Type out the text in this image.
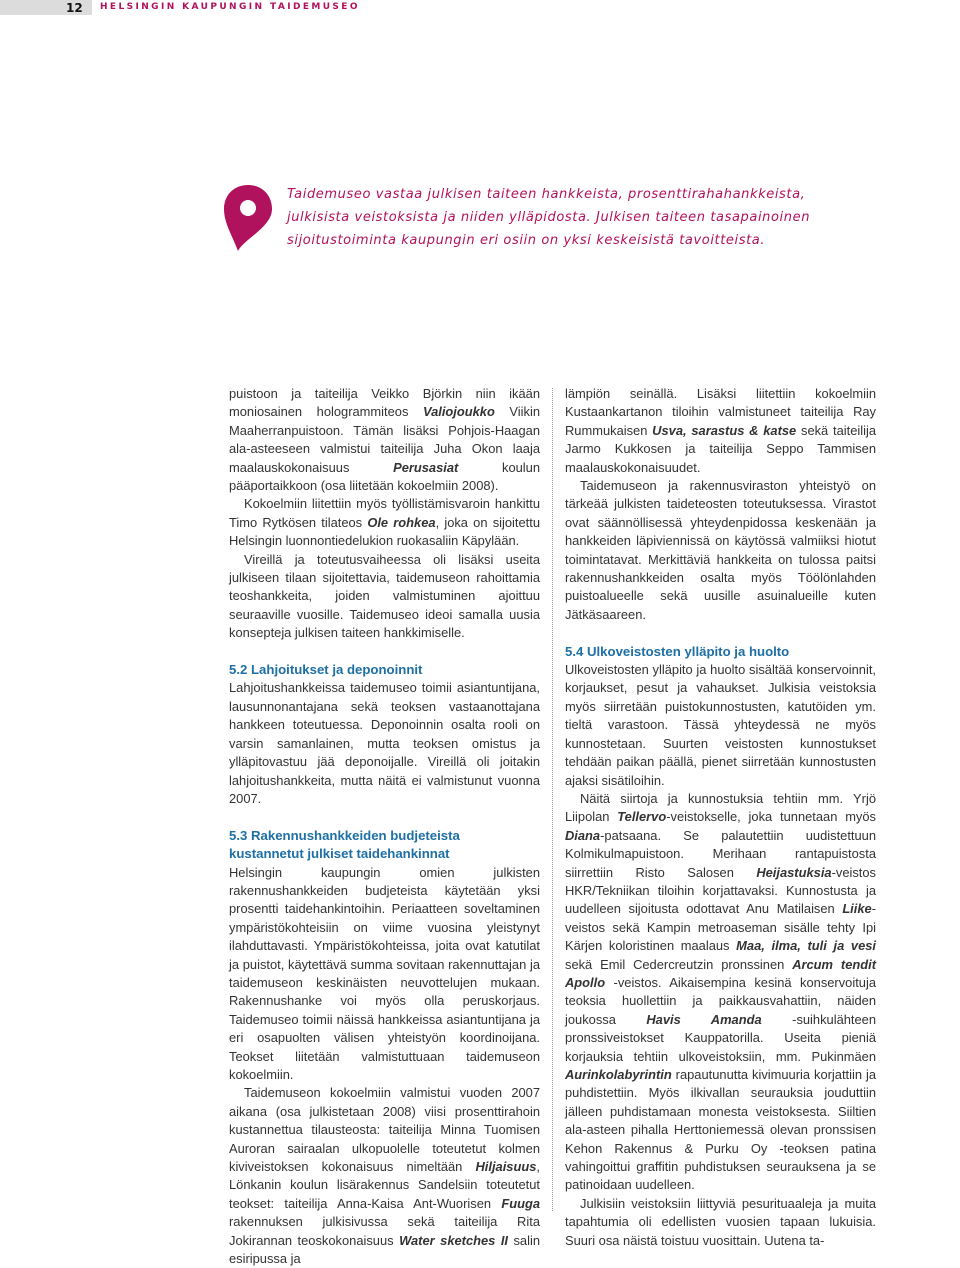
12 HELSINGIN KAUPUNGIN TAIDEMUSEO

Taidemuseo vastaa julkisen taiteen hankkeista, prosenttirahahankkeista, julkisista veistoksista ja niiden ylläpidosta. Julkisen taiteen tasapainoinen sijoitustoiminta kaupungin eri osiin on yksi keskeisistä tavoitteista.

puistoon ja taiteilija Veikko Björkin niin ikään moniosainen hologrammiteos Valiojoukko Viikin Maaherranpuistoon. Tämän lisäksi Pohjois-Haagan ala-asteeseen valmistui taiteilija Juha Okon laaja maalauskokonaisuus Perusasiat koulun pääportaikkoon (osa liitetään kokoelmiin 2008).

Kokoelmiin liitettiin myös työllistämisvaroin hankittu Timo Rytkösen tilateos Ole rohkea, joka on sijoitettu Helsingin luonnontiedelukion ruokasaliin Käpylään.

Vireillä ja toteutusvaiheessa oli lisäksi useita julkiseen tilaan sijoitettavia, taidemuseon rahoittamia teoshankkeita, joiden valmistuminen ajoittuu seuraaville vuosille. Taidemuseo ideoi samalla uusia konsepteja julkisen taiteen hankkimiselle.

5.2 Lahjoitukset ja deponoinnit

Lahjoitushankkeissa taidemuseo toimii asiantuntijana, lausunnonantajana sekä teoksen vastaanottajana hankkeen toteutuessa. Deponoinnin osalta rooli on varsin samanlainen, mutta teoksen omistus ja ylläpitovastuu jää deponoijalle. Vireillä oli joitakin lahjoitushankkeita, mutta näitä ei valmistunut vuonna 2007.

5.3 Rakennushankkeiden budjeteista
kustannetut julkiset taidehankinnat

Helsingin kaupungin omien julkisten rakennushankkeiden budjeteista käytetään yksi prosentti taidehankintoihin. Periaatteen soveltaminen ympäristökohteisiin on viime vuosina yleistynyt ilahduttavasti. Ympäristökohteissa, joita ovat katutilat ja puistot, käytettävä summa sovitaan rakennuttajan ja taidemuseon keskinäisten neuvottelujen mukaan. Rakennushanke voi myös olla peruskorjaus. Taidemuseo toimii näissä hankkeissa asiantuntijana ja eri osapuolten välisen yhteistyön koordinoijana. Teokset liitetään valmistuttuaan taidemuseon kokoelmiin.

Taidemuseon kokoelmiin valmistui vuoden 2007 aikana (osa julkistetaan 2008) viisi prosenttirahoin kustannettua tilausteosta: taiteilija Minna Tuomisen Auroran sairaalan ulkopuolelle toteutetut kolmen kiviveistoksen kokonaisuus nimeltään Hiljaisuus, Lönkanin koulun lisärakennus Sandelsiin toteutetut teokset: taiteilija Anna-Kaisa Ant-Wuorisen Fuuga rakennuksen julkisivussa sekä taiteilija Rita Jokirannan teoskokonaisuus Water sketches II salin esiripussa ja

lämpiön seinällä. Lisäksi liitettiin kokoelmiin Kustaankartanon tiloihin valmistuneet taiteilija Ray Rummukaisen Usva, sarastus & katse sekä taiteilija Jarmo Kukkosen ja taiteilija Seppo Tammisen maalauskokonaisuudet.

Taidemuseon ja rakennusviraston yhteistyö on tärkeää julkisten taideteosten toteutuksessa. Virastot ovat säännöllisessä yhteydenpidossa keskenään ja hankkeiden läpiviennissä on käytössä valmiiksi hiotut toimintatavat. Merkittäviä hankkeita on tulossa paitsi rakennushankkeiden osalta myös Töölönlahden puistoalueelle sekä uusille asuinalueille kuten Jätkäsaareen.

5.4 Ulkoveistosten ylläpito ja huolto

Ulkoveistosten ylläpito ja huolto sisältää konservoinnit, korjaukset, pesut ja vahaukset. Julkisia veistoksia myös siirretään puistokunnostusten, katutöiden ym. tieltä varastoon. Tässä yhteydessä ne myös kunnostetaan. Suurten veistosten kunnostukset tehdään paikan päällä, pienet siirretään kunnostusten ajaksi sisätiloihin.

Näitä siirtoja ja kunnostuksia tehtiin mm. Yrjö Liipolan Tellervo-veistokselle, joka tunnetaan myös Diana-patsaana. Se palautettiin uudistettuun Kolmikulmapuistoon. Merihaan rantapuistosta siirrettiin Risto Salosen Heijastuksia-veistos HKR/Tekniikan tiloihin korjattavaksi. Kunnostusta ja uudelleen sijoitusta odottavat Anu Matilaisen Liike-veistos sekä Kampin metroaseman sisälle tehty Ipi Kärjen koloristinen maalaus Maa, ilma, tuli ja vesi sekä Emil Cedercreutzin pronssinen Arcum tendit Apollo -veistos. Aikaisempina kesinä konservoituja teoksia huollettiin ja paikkausvahattiin, näiden joukossa Havis Amanda -suihkulähteen pronssiveistokset Kauppatorilla. Useita pieniä korjauksia tehtiin ulkoveistoksiin, mm. Pukinmäen Aurinkolabyrintin rapautunutta kivimuuria korjattiin ja puhdistettiin. Myös ilkivallan seurauksia jouduttiin jälleen puhdistamaan monesta veistoksesta. Siiltien ala-asteen pihalla Herttoniemessä olevan pronssisen Kehon Rakennus & Purku Oy -teoksen patina vahingoittui graffitin puhdistuksen seurauksena ja se patinoidaan uudelleen.

Julkisiin veistoksiin liittyviä pesurituaaleja ja muita tapahtumia oli edellisten vuosien tapaan lukuisia. Suuri osa näistä toistuu vuosittain. Uutena ta-
